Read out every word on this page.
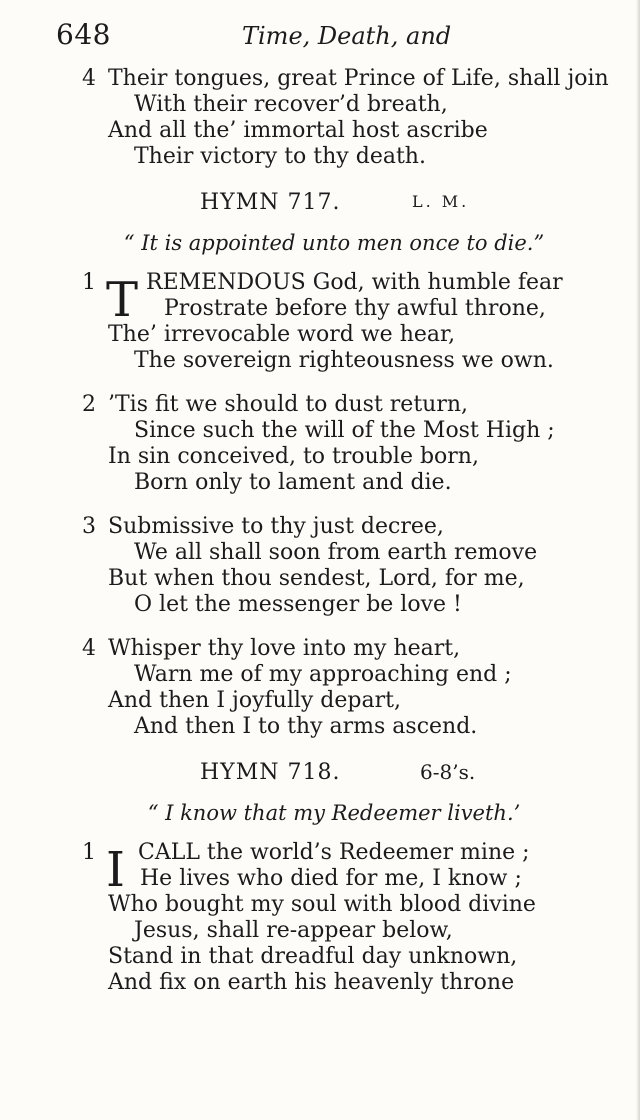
648	Time, Death, and
4 Their tongues, great Prince of Life, shall join
With their recover’d breath,
And all the’ immortal host ascribe
Their victory to thy death.
HYMN 717.	L. M.
“ It is appointed unto men once to die.”
T
1 REMENDOUS God, with humble fear
Prostrate before thy awful throne,
The’ irrevocable word we hear,
The sovereign righteousness we own.
2 ’Tis fit we should to dust return,
Since such the will of the Most High ;
In sin conceived, to trouble born,
Born only to lament and die.
3 Submissive to thy just decree,
We all shall soon from earth remove
But when thou sendest, Lord, for me,
O let the messenger be love !
4 Whisper thy love into my heart,
Warn me of my approaching end ;
And then I joyfully depart,
And then I to thy arms ascend.
HYMN 718.	6-8’s.
“ I know that my Redeemer liveth.’
I
1 CALL the world’s Redeemer mine ;
He lives who died for me, I know ;
Who bought my soul with blood divine
Jesus, shall re-appear below,
Stand in that dreadful day unknown,
And fix on earth his heavenly throne
